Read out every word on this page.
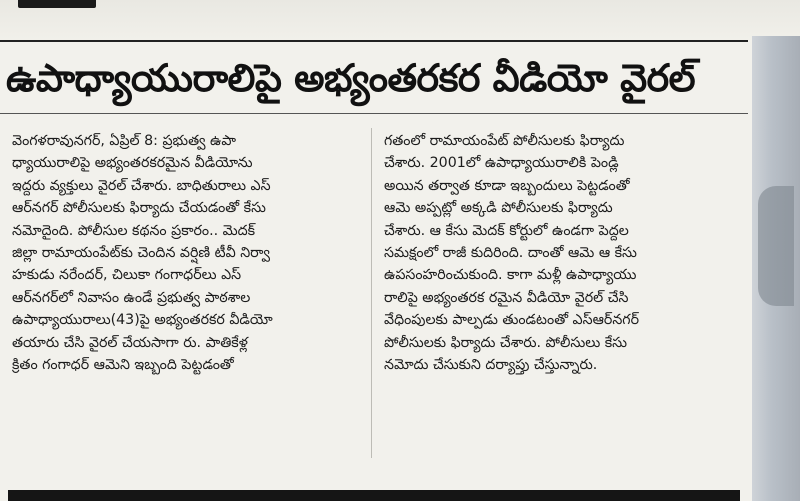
ఉపాధ్యాయురాలిపై అభ్యంతరకర వీడియో వైరల్
వెంగళరావునగర్, ఏప్రిల్ 8: ప్రభుత్వ ఉపా
ధ్యాయురాలిపై అభ్యంతరకరమైన వీడియోను
ఇద్దరు వ్యక్తులు వైరల్ చేశారు. బాధితురాలు ఎస్
ఆర్‌నగర్ పోలీసులకు ఫిర్యాదు చేయడంతో కేసు
నమోదైంది. పోలీసుల కథనం ప్రకారం.. మెదక్
జిల్లా రామాయంపేట్‌కు చెందిన వర్షిణి టీవీ నిర్వా
హకుడు నరేందర్, చిలుకా గంగాధర్‌లు ఎస్
ఆర్‌నగర్‌లో నివాసం ఉండే ప్రభుత్వ పాఠశాల
ఉపాధ్యాయురాలు(43)పై అభ్యంతరకర వీడియో
తయారు చేసి వైరల్ చేయసాగా రు. పాతికేళ్ల
క్రితం గంగాధర్ ఆమెని ఇబ్బంది పెట్టడంతో
గతంలో రామాయంపేట్ పోలీసులకు ఫిర్యాదు
చేశారు. 2001లో ఉపాధ్యాయురాలికి పెండ్లి
అయిన తర్వాత కూడా ఇబ్బందులు పెట్టడంతో
ఆమె అప్పట్లో అక్కడి పోలీసులకు ఫిర్యాదు
చేశారు. ఆ కేసు మెదక్ కోర్టులో ఉండగా పెద్దల
సమక్షంలో రాజీ కుదిరింది. దాంతో ఆమె ఆ కేసు
ఉపసంహరించుకుంది. కాగా మళ్లీ ఉపాధ్యాయు
రాలిపై అభ్యంతరక రమైన వీడియో వైరల్ చేసి
వేధింపులకు పాల్పడు తుండటంతో ఎస్‌ఆర్‌నగర్
పోలీసులకు ఫిర్యాదు చేశారు. పోలీసులు కేసు
నమోదు చేసుకుని దర్యాప్తు చేస్తున్నారు.
